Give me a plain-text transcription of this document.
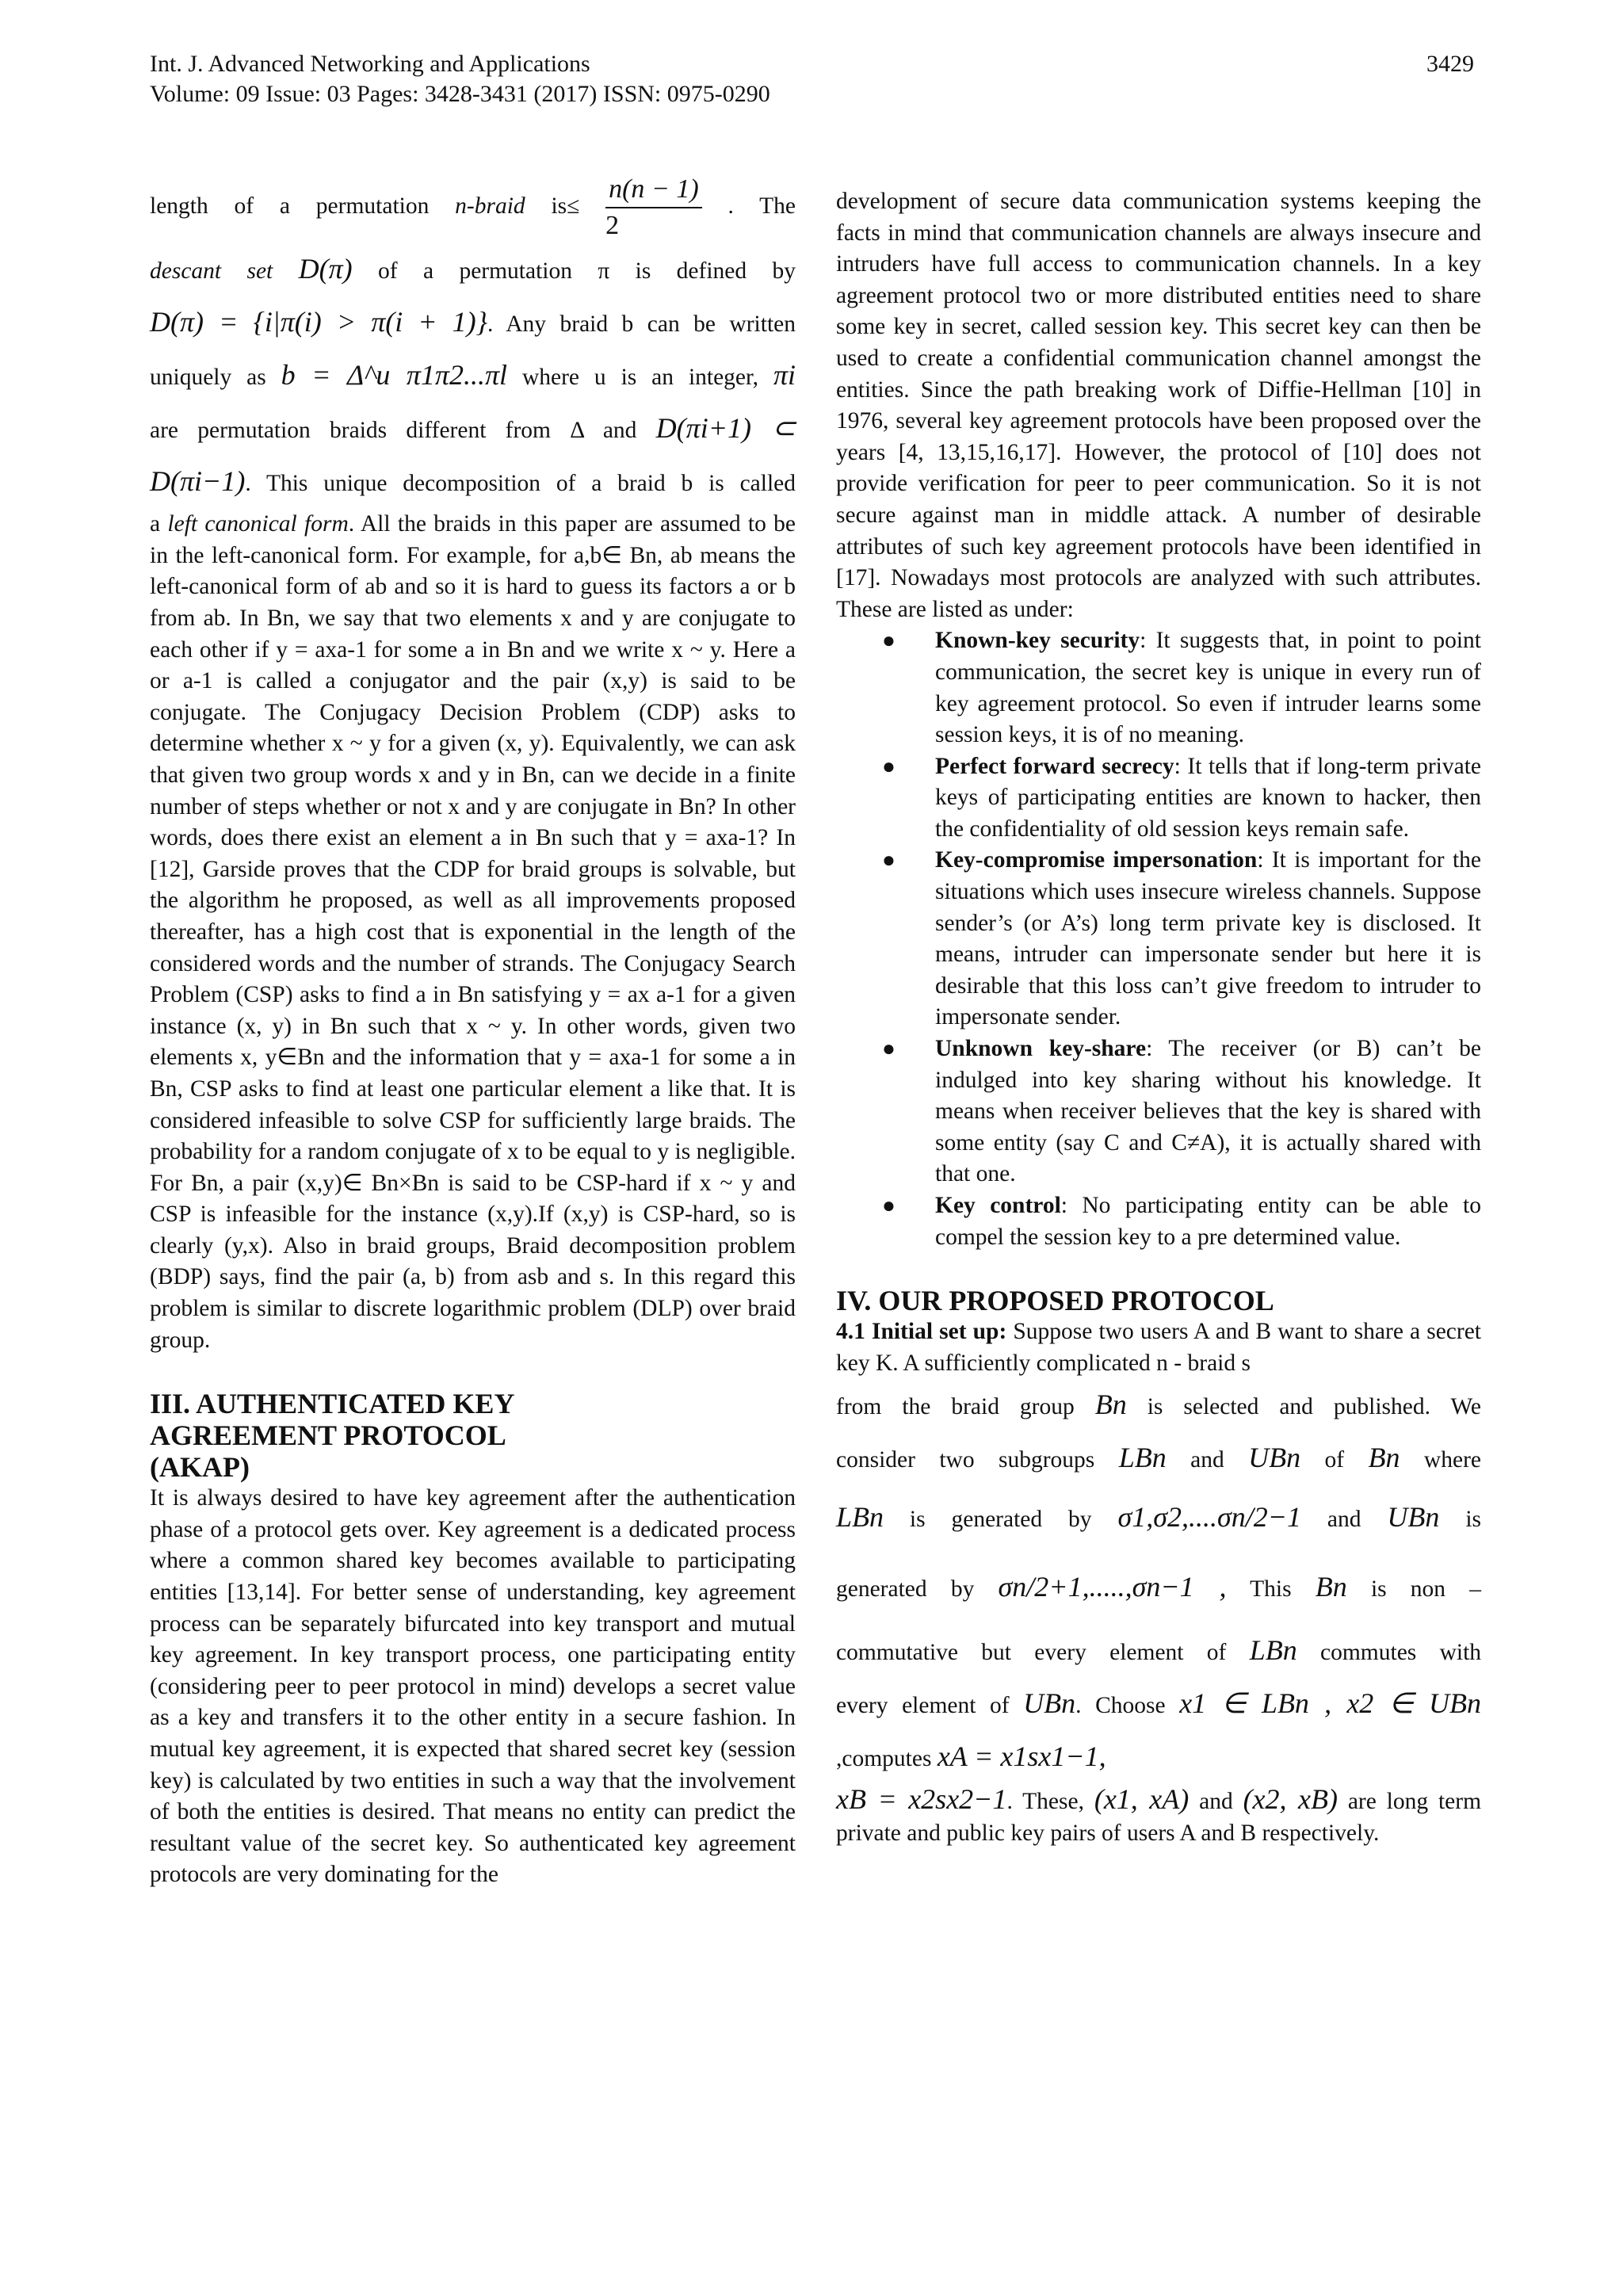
Int. J. Advanced Networking and Applications
Volume: 09 Issue: 03 Pages: 3428-3431 (2017) ISSN: 0975-0290
3429

length of a permutation n-braid $is\le \frac{n(n - 1)}{2}$ . The

descant set D(π) of a permutation π is defined by

D(π) = {i|π(i) > π(i + 1)}. Any braid b can be written

uniquely as b = Δ^u π1π2...πl where u is an integer, πi

are permutation braids different from Δ and D(πi+1) ⊂

D(πi−1). This unique decomposition of a braid b is called

a left canonical form. All the braids in this paper are assumed to be in the left-canonical form. For example, for a,b∈ Bn, ab means the left-canonical form of ab and so it is hard to guess its factors a or b from ab. In Bn, we say that two elements x and y are conjugate to each other if y = axa-1 for some a in Bn and we write x ~ y. Here a or a-1 is called a conjugator and the pair (x,y) is said to be conjugate. The Conjugacy Decision Problem (CDP) asks to determine whether x ~ y for a given (x, y). Equivalently, we can ask that given two group words x and y in Bn, can we decide in a finite number of steps whether or not x and y are conjugate in Bn? In other words, does there exist an element a in Bn such that y = axa-1? In [12], Garside proves that the CDP for braid groups is solvable, but the algorithm he proposed, as well as all improvements proposed thereafter, has a high cost that is exponential in the length of the considered words and the number of strands. The Conjugacy Search Problem (CSP) asks to find a in Bn satisfying y = ax a-1 for a given instance (x, y) in Bn such that x ~ y. In other words, given two elements x, y∈Bn and the information that y = axa-1 for some a in Bn, CSP asks to find at least one particular element a like that. It is considered infeasible to solve CSP for sufficiently large braids. The probability for a random conjugate of x to be equal to y is negligible. For Bn, a pair (x,y)∈ Bn×Bn is said to be CSP-hard if x ~ y and CSP is infeasible for the instance (x,y).If (x,y) is CSP-hard, so is clearly (y,x). Also in braid groups, Braid decomposition problem (BDP) says, find the pair (a, b) from asb and s. In this regard this problem is similar to discrete logarithmic problem (DLP) over braid group.

III. AUTHENTICATED KEY AGREEMENT PROTOCOL (AKAP)

It is always desired to have key agreement after the authentication phase of a protocol gets over. Key agreement is a dedicated process where a common shared key becomes available to participating entities [13,14]. For better sense of understanding, key agreement process can be separately bifurcated into key transport and mutual key agreement. In key transport process, one participating entity (considering peer to peer protocol in mind) develops a secret value as a key and transfers it to the other entity in a secure fashion. In mutual key agreement, it is expected that shared secret key (session key) is calculated by two entities in such a way that the involvement of both the entities is desired. That means no entity can predict the resultant value of the secret key. So authenticated key agreement protocols are very dominating for the

development of secure data communication systems keeping the facts in mind that communication channels are always insecure and intruders have full access to communication channels. In a key agreement protocol two or more distributed entities need to share some key in secret, called session key. This secret key can then be used to create a confidential communication channel amongst the entities. Since the path breaking work of Diffie-Hellman [10] in 1976, several key agreement protocols have been proposed over the years [4, 13,15,16,17]. However, the protocol of [10] does not provide verification for peer to peer communication. So it is not secure against man in middle attack. A number of desirable attributes of such key agreement protocols have been identified in [17]. Nowadays most protocols are analyzed with such attributes. These are listed as under:

● Known-key security: It suggests that, in point to point communication, the secret key is unique in every run of key agreement protocol. So even if intruder learns some session keys, it is of no meaning.
● Perfect forward secrecy: It tells that if long-term private keys of participating entities are known to hacker, then the confidentiality of old session keys remain safe.
● Key-compromise impersonation: It is important for the situations which uses insecure wireless channels. Suppose sender’s (or A’s) long term private key is disclosed. It means, intruder can impersonate sender but here it is desirable that this loss can’t give freedom to intruder to impersonate sender.
● Unknown key-share: The receiver (or B) can’t be indulged into key sharing without his knowledge. It means when receiver believes that the key is shared with some entity (say C and C≠A), it is actually shared with that one.
● Key control: No participating entity can be able to compel the session key to a pre determined value.
IV. OUR PROPOSED PROTOCOL

4.1 Initial set up: Suppose two users A and B want to share a secret key K. A sufficiently complicated n - braid s

from the braid group Bn is selected and published. We

consider two subgroups LBn and UBn of Bn where

LBn is generated by σ1,σ2,....σn/2−1 and UBn is

generated by σn/2+1,.....,σn−1 , This Bn is non –

commutative but every element of LBn commutes with

every element of UBn. Choose x1 ∈ LBn , x2 ∈ UBn

,computes xA = x1sx1−1,

xB = x2sx2−1. These, (x1, xA) and (x2, xB) are long term private and public key pairs of users A and B respectively.
